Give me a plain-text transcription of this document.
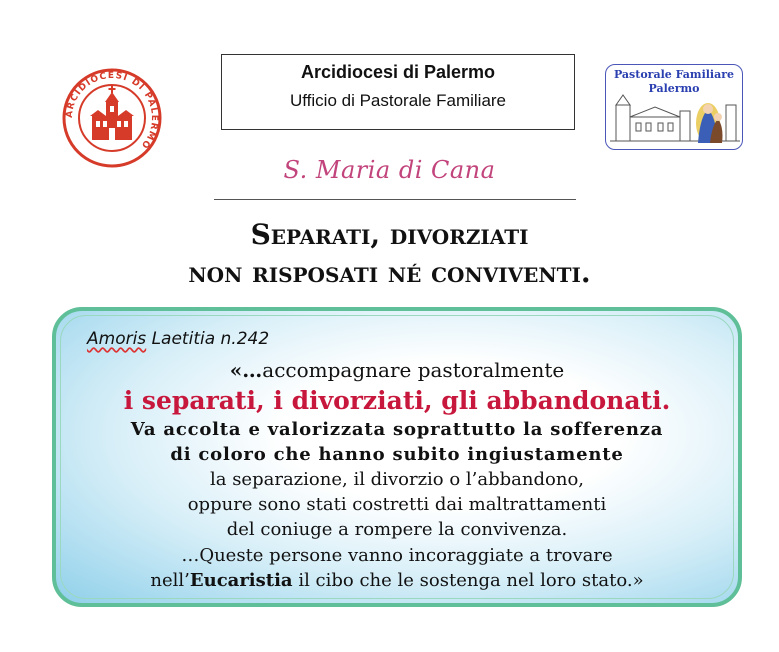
ARCIDIOCESI DI PALERMO
Arcidiocesi di Palermo
Ufficio di Pastorale Familiare
Pastorale Familiare
Palermo
S. Maria di Cana
Separati, divorziati
non risposati né conviventi.
Amoris Laetitia n.242
«…accompagnare pastoralmente
i separati, i divorziati, gli abbandonati.
Va accolta e valorizzata soprattutto la sofferenza
di coloro che hanno subito ingiustamente
la separazione, il divorzio o l’abbandono,
oppure sono stati costretti dai maltrattamenti
del coniuge a rompere la convivenza.
…Queste persone vanno incoraggiate a trovare
nell’Eucaristia il cibo che le sostenga nel loro stato.»
